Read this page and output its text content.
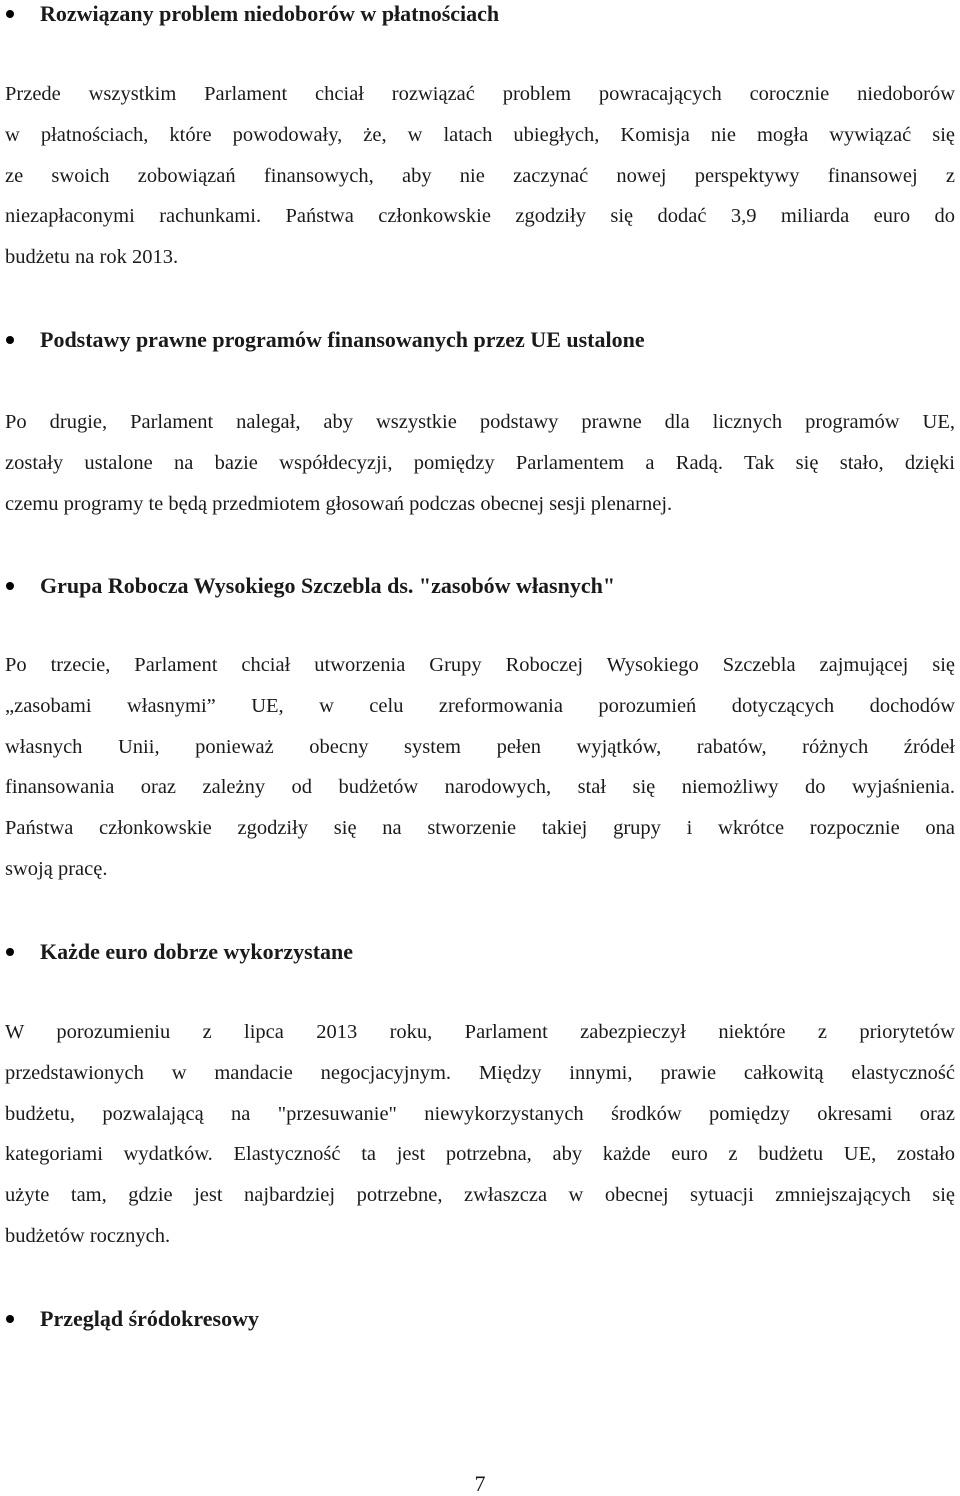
Rozwiązany problem niedoborów w płatnościach
Przede wszystkim Parlament chciał rozwiązać problem powracających corocznie niedoborów
w płatnościach, które powodowały, że, w latach ubiegłych, Komisja nie mogła wywiązać się
ze swoich zobowiązań finansowych, aby nie zaczynać nowej perspektywy finansowej z
niezapłaconymi rachunkami. Państwa członkowskie zgodziły się dodać 3,9 miliarda euro do
budżetu na rok 2013.
Podstawy prawne programów finansowanych przez UE ustalone
Po drugie, Parlament nalegał, aby wszystkie podstawy prawne dla licznych programów UE,
zostały ustalone na bazie współdecyzji, pomiędzy Parlamentem a Radą. Tak się stało, dzięki
czemu programy te będą przedmiotem głosowań podczas obecnej sesji plenarnej.
Grupa Robocza Wysokiego Szczebla ds. "zasobów własnych"
Po trzecie, Parlament chciał utworzenia Grupy Roboczej Wysokiego Szczebla zajmującej się
„zasobami własnymi” UE, w celu zreformowania porozumień dotyczących dochodów
własnych Unii, ponieważ obecny system pełen wyjątków, rabatów, różnych źródeł
finansowania oraz zależny od budżetów narodowych, stał się niemożliwy do wyjaśnienia.
Państwa członkowskie zgodziły się na stworzenie takiej grupy i wkrótce rozpocznie ona
swoją pracę.
Każde euro dobrze wykorzystane
W porozumieniu z lipca 2013 roku, Parlament zabezpieczył niektóre z priorytetów
przedstawionych w mandacie negocjacyjnym. Między innymi, prawie całkowitą elastyczność
budżetu, pozwalającą na "przesuwanie" niewykorzystanych środków pomiędzy okresami oraz
kategoriami wydatków. Elastyczność ta jest potrzebna, aby każde euro z budżetu UE, zostało
użyte tam, gdzie jest najbardziej potrzebne, zwłaszcza w obecnej sytuacji zmniejszających się
budżetów rocznych.
Przegląd śródokresowy
7
